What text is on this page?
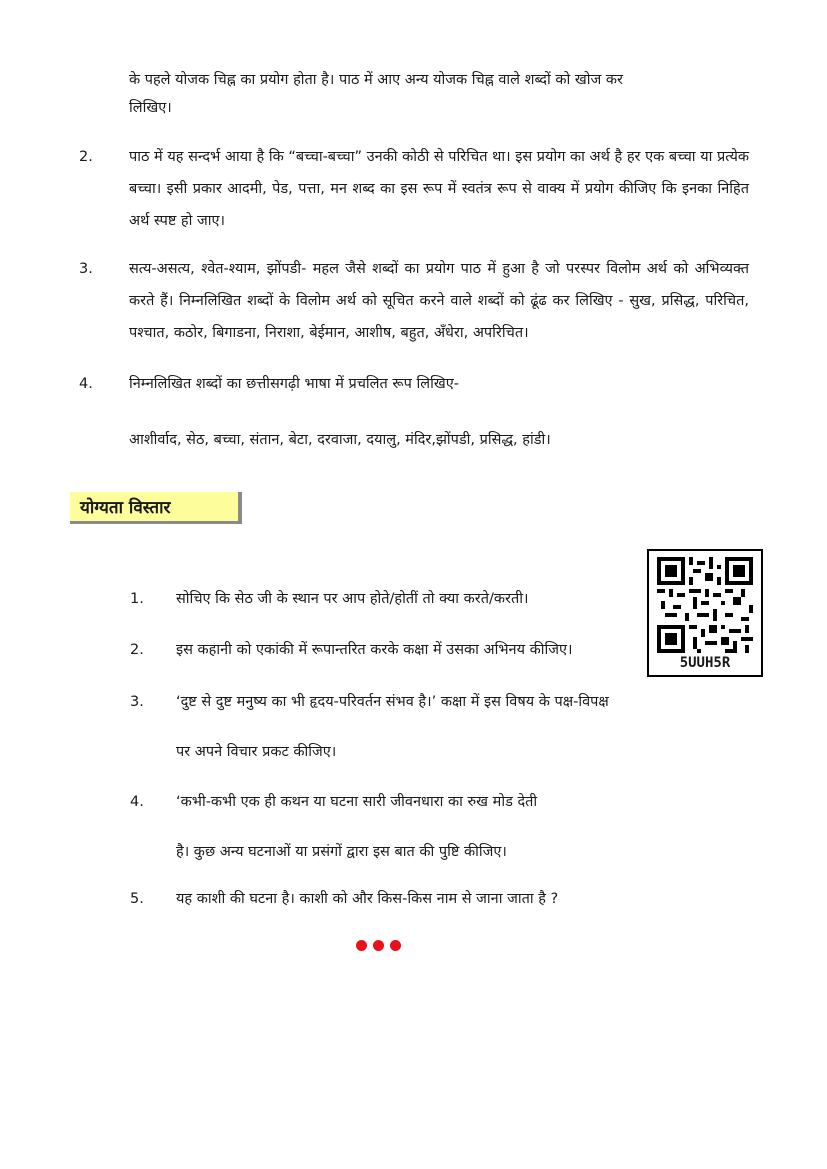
के पहले योजक चिह्न का प्रयोग होता है। पाठ में आए अन्य योजक चिह्न वाले शब्दों को खोज कर
लिखिए।
2. पाठ में यह सन्दर्भ आया है कि “बच्चा-बच्चा” उनकी कोठी से परिचित था। इस प्रयोग का अर्थ है हर एक बच्चा या प्रत्येक बच्चा। इसी प्रकार आदमी, पेड, पत्ता, मन शब्द का इस रूप में स्वतंत्र रूप से वाक्य में प्रयोग कीजिए कि इनका निहित अर्थ स्पष्ट हो जाए।
3. सत्य-असत्य, श्वेत-श्याम, झोंपडी- महल जैसे शब्दों का प्रयोग पाठ में हुआ है जो परस्पर विलोम अर्थ को अभिव्यक्त करते हैं। निम्नलिखित शब्दों के विलोम अर्थ को सूचित करने वाले शब्दों को ढूंढ कर लिखिए - सुख, प्रसिद्ध, परिचित, पश्चात, कठोर, बिगाडना, निराशा, बेईमान, आशीष, बहुत, अँधेरा, अपरिचित।
4. निम्नलिखित शब्दों का छत्तीसगढ़ी भाषा में प्रचलित रूप लिखिए-
आशीर्वाद, सेठ, बच्चा, संतान, बेटा, दरवाजा, दयालु, मंदिर,झोंपडी, प्रसिद्ध, हांडी।
योग्यता विस्तार
5UUH5R
1. सोचिए कि सेठ जी के स्थान पर आप होते/होतीं तो क्या करते/करती।
2. इस कहानी को एकांकी में रूपान्तरित करके कक्षा में उसका अभिनय कीजिए।
3. ‘दुष्ट से दुष्ट मनुष्य का भी हृदय-परिवर्तन संभव है।’ कक्षा में इस विषय के पक्ष-विपक्ष
पर अपने विचार प्रकट कीजिए।
4. ‘कभी-कभी एक ही कथन या घटना सारी जीवनधारा का रुख मोड देती
है। कुछ अन्य घटनाओं या प्रसंगों द्वारा इस बात की पुष्टि कीजिए।
5. यह काशी की घटना है। काशी को और किस-किस नाम से जाना जाता है ?
